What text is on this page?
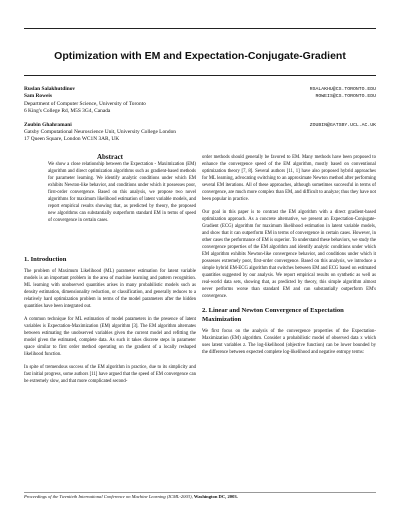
Optimization with EM and Expectation-Conjugate-Gradient
Ruslan Salakhutdinov	RSALAKHU@CS.TORONTO.EDU
Sam Roweis	ROWEIS@CS.TORONTO.EDU
Department of Computer Science, University of Toronto
6 King's College Rd, M5S 3G4, Canada
Zoubin Ghahramani	ZOUBIN@GATSBY.UCL.AC.UK
Gatsby Computational Neuroscience Unit, University College London
17 Queen Square, London WC1N 3AR, UK
Abstract

We show a close relationship between the Expectation - Maximization (EM) algorithm and direct optimization algorithms such as gradient-based methods for parameter learning. We identify analytic conditions under which EM exhibits Newton-like behavior, and conditions under which it possesses poor, first-order convergence. Based on this analysis, we propose two novel algorithms for maximum likelihood estimation of latent variable models, and report empirical results showing that, as predicted by theory, the proposed new algorithms can substantially outperform standard EM in terms of speed of convergence in certain cases.

1. Introduction

The problem of Maximum Likelihood (ML) parameter estimation for latent variable models is an important problem in the area of machine learning and pattern recognition. ML learning with unobserved quantities arises in many probabilistic models such as density estimation, dimensionality reduction, or classification, and generally reduces to a relatively hard optimization problem in terms of the model parameters after the hidden quantities have been integrated out.

A common technique for ML estimation of model parameters in the presence of latent variables is Expectation-Maximization (EM) algorithm [3]. The EM algorithm alternates between estimating the unobserved variables given the current model and refitting the model given the estimated, complete data. As such it takes discrete steps in parameter space similar to first order method operating on the gradient of a locally reshaped likelihood function.

In spite of tremendous success of the EM algorithm in practice, due to its simplicity and fast initial progress, some authors [11] have argued that the speed of EM convergence can be extremely slow, and that more complicated second-

order methods should generally be favored to EM. Many methods have been proposed to enhance the convergence speed of the EM algorithm, mostly based on conventional optimization theory [7, 8]. Several authors [11, 1] have also proposed hybrid approaches for ML learning, advocating switching to an approximate Newton method after performing several EM iterations. All of these approaches, although sometimes successful in terms of convergence, are much more complex than EM, and difficult to analyze; thus they have not been popular in practice.

Our goal in this paper is to contrast the EM algorithm with a direct gradient-based optimization approach. As a concrete alternative, we present an Expectation-Conjugate-Gradient (ECG) algorithm for maximum likelihood estimation in latent variable models, and show that it can outperform EM in terms of convergence in certain cases. However, in other cases the performance of EM is superior. To understand these behaviors, we study the convergence properties of the EM algorithm and identify analytic conditions under which EM algorithm exhibits Newton-like convergence behavior, and conditions under which it possesses extremely poor, first-order convergence. Based on this analysis, we introduce a simple hybrid EM-ECG algorithm that switches between EM and ECG based on estimated quantities suggested by our analysis. We report empirical results on synthetic as well as real-world data sets, showing that, as predicted by theory, this simple algorithm almost never performs worse than standard EM and can substantially outperform EM's convergence.

2. Linear and Newton Convergence of Expectation Maximization

We first focus on the analysis of the convergence properties of the Expectation-Maximization (EM) algorithm. Consider a probabilistic model of observed data x which uses latent variables z. The log-likelihood (objective function) can be lower bounded by the difference between expected complete log-likelihood and negative entropy terms:

Proceedings of the Twentieth International Conference on Machine Learning (ICML-2003), Washington DC, 2003.
